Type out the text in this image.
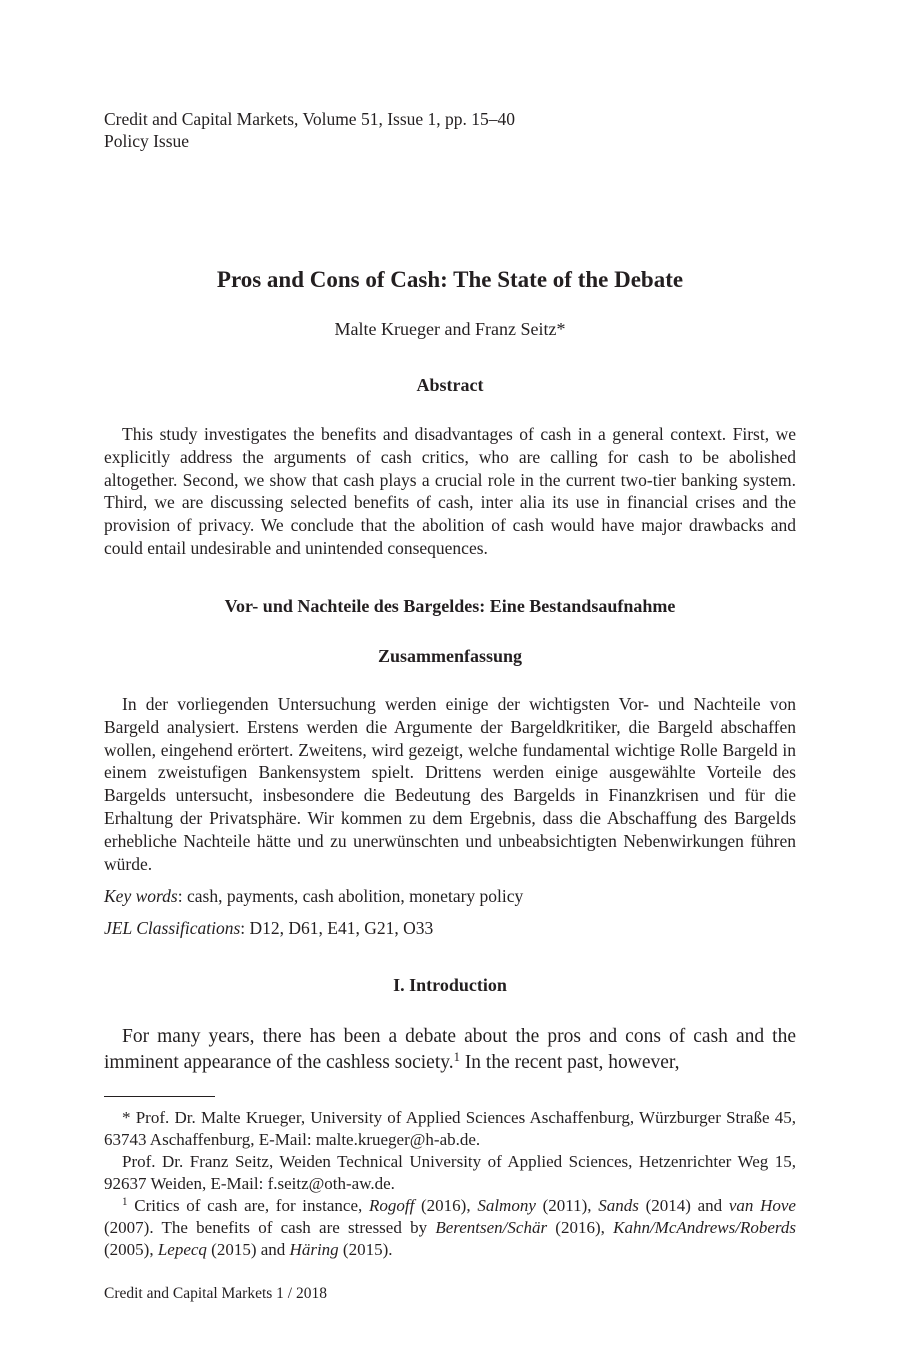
Credit and Capital Markets, Volume 51, Issue 1, pp. 15–40
Policy Issue
Pros and Cons of Cash: The State of the Debate
Malte Krueger and Franz Seitz*
Abstract
This study investigates the benefits and disadvantages of cash in a general context. First, we explicitly address the arguments of cash critics, who are calling for cash to be abolished altogether. Second, we show that cash plays a crucial role in the current two-tier banking system. Third, we are discussing selected benefits of cash, inter alia its use in financial crises and the provision of privacy. We conclude that the abolition of cash would have major drawbacks and could entail undesirable and unintended consequences.
Vor- und Nachteile des Bargeldes: Eine Bestandsaufnahme
Zusammenfassung
In der vorliegenden Untersuchung werden einige der wichtigsten Vor- und Nachteile von Bargeld analysiert. Erstens werden die Argumente der Bargeldkritiker, die Bargeld abschaffen wollen, eingehend erörtert. Zweitens, wird gezeigt, welche fundamental wichtige Rolle Bargeld in einem zweistufigen Bankensystem spielt. Drittens werden einige ausgewählte Vorteile des Bargelds untersucht, insbesondere die Bedeutung des Bargelds in Finanzkrisen und für die Erhaltung der Privatsphäre. Wir kommen zu dem Ergebnis, dass die Abschaffung des Bargelds erhebliche Nachteile hätte und zu unerwünschten und unbeabsichtigten Nebenwirkungen führen würde.
Key words: cash, payments, cash abolition, monetary policy
JEL Classifications: D12, D61, E41, G21, O33
I. Introduction
For many years, there has been a debate about the pros and cons of cash and the imminent appearance of the cashless society.$^1$ In the recent past, however,
* Prof. Dr. Malte Krueger, University of Applied Sciences Aschaffenburg, Würzburger Straße 45, 63743 Aschaffenburg, E-Mail: malte.krueger@h-ab.de.
Prof. Dr. Franz Seitz, Weiden Technical University of Applied Sciences, Hetzenrichter Weg 15, 92637 Weiden, E-Mail: f.seitz@oth-aw.de.
$^1$ Critics of cash are, for instance, Rogoff (2016), Salmony (2011), Sands (2014) and van Hove (2007). The benefits of cash are stressed by Berentsen/Schär (2016), Kahn/McAndrews/Roberds (2005), Lepecq (2015) and Häring (2015).
Credit and Capital Markets 1 / 2018
